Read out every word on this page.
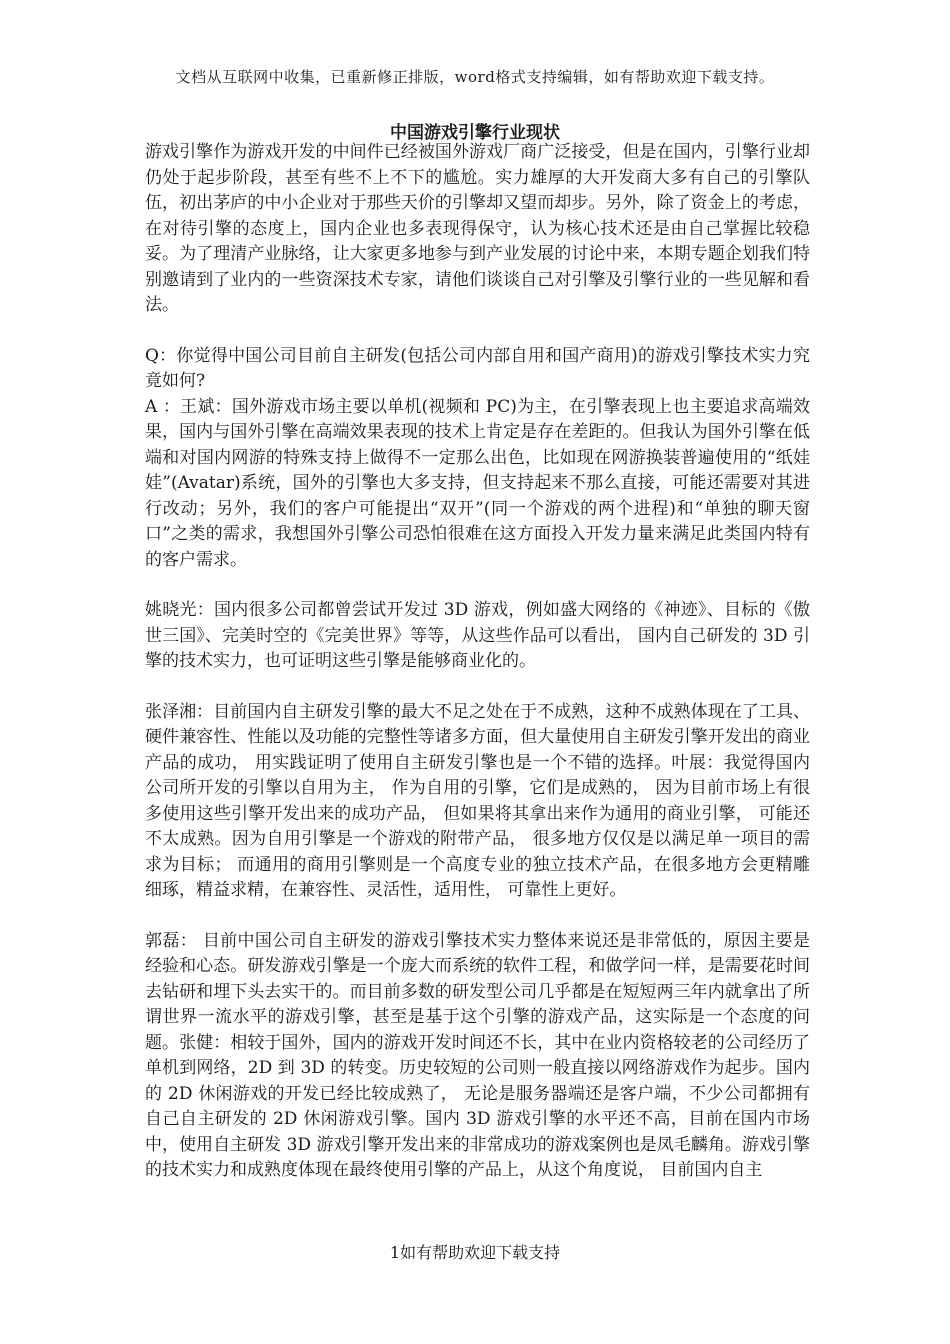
文档从互联网中收集，已重新修正排版，word格式支持编辑，如有帮助欢迎下载支持。
中国游戏引擎行业现状

游戏引擎作为游戏开发的中间件已经被国外游戏厂商广泛接受，但是在国内，引擎行业却仍处于起步阶段，甚至有些不上不下的尴尬。实力雄厚的大开发商大多有自己的引擎队伍，初出茅庐的中小企业对于那些天价的引擎却又望而却步。另外，除了资金上的考虑，在对待引擎的态度上，国内企业也多表现得保守，认为核心技术还是由自己掌握比较稳妥。为了理清产业脉络，让大家更多地参与到产业发展的讨论中来，本期专题企划我们特别邀请到了业内的一些资深技术专家，请他们谈谈自己对引擎及引擎行业的一些见解和看法。

Q：你觉得中国公司目前自主研发(包括公司内部自用和国产商用)的游戏引擎技术实力究竟如何?

A ：王斌：国外游戏市场主要以单机(视频和 PC)为主，在引擎表现上也主要追求高端效果，国内与国外引擎在高端效果表现的技术上肯定是存在差距的。但我认为国外引擎在低端和对国内网游的特殊支持上做得不一定那么出色，比如现在网游换装普遍使用的“纸娃娃”(Avatar)系统，国外的引擎也大多支持，但支持起来不那么直接，可能还需要对其进行改动；另外，我们的客户可能提出“双开”(同一个游戏的两个进程)和“单独的聊天窗口”之类的需求，我想国外引擎公司恐怕很难在这方面投入开发力量来满足此类国内特有的客户需求。

姚晓光：国内很多公司都曾尝试开发过 3D 游戏，例如盛大网络的《神迹》、目标的《傲世三国》、完美时空的《完美世界》等等，从这些作品可以看出， 国内自己研发的 3D 引擎的技术实力，也可证明这些引擎是能够商业化的。

张泽湘：目前国内自主研发引擎的最大不足之处在于不成熟，这种不成熟体现在了工具、硬件兼容性、性能以及功能的完整性等诸多方面，但大量使用自主研发引擎开发出的商业产品的成功， 用实践证明了使用自主研发引擎也是一个不错的选择。叶展：我觉得国内公司所开发的引擎以自用为主， 作为自用的引擎，它们是成熟的， 因为目前市场上有很多使用这些引擎开发出来的成功产品， 但如果将其拿出来作为通用的商业引擎， 可能还不太成熟。因为自用引擎是一个游戏的附带产品， 很多地方仅仅是以满足单一项目的需求为目标； 而通用的商用引擎则是一个高度专业的独立技术产品，在很多地方会更精雕细琢，精益求精，在兼容性、灵活性，适用性， 可靠性上更好。

郭磊： 目前中国公司自主研发的游戏引擎技术实力整体来说还是非常低的，原因主要是经验和心态。研发游戏引擎是一个庞大而系统的软件工程，和做学问一样，是需要花时间去钻研和埋下头去实干的。而目前多数的研发型公司几乎都是在短短两三年内就拿出了所谓世界一流水平的游戏引擎，甚至是基于这个引擎的游戏产品，这实际是一个态度的问题。张健：相较于国外，国内的游戏开发时间还不长，其中在业内资格较老的公司经历了单机到网络，2D 到 3D 的转变。历史较短的公司则一般直接以网络游戏作为起步。国内的 2D 休闲游戏的开发已经比较成熟了， 无论是服务器端还是客户端，不少公司都拥有自己自主研发的 2D 休闲游戏引擎。国内 3D 游戏引擎的水平还不高，目前在国内市场中，使用自主研发 3D 游戏引擎开发出来的非常成功的游戏案例也是凤毛麟角。游戏引擎的技术实力和成熟度体现在最终使用引擎的产品上，从这个角度说， 目前国内自主

1如有帮助欢迎下载支持
